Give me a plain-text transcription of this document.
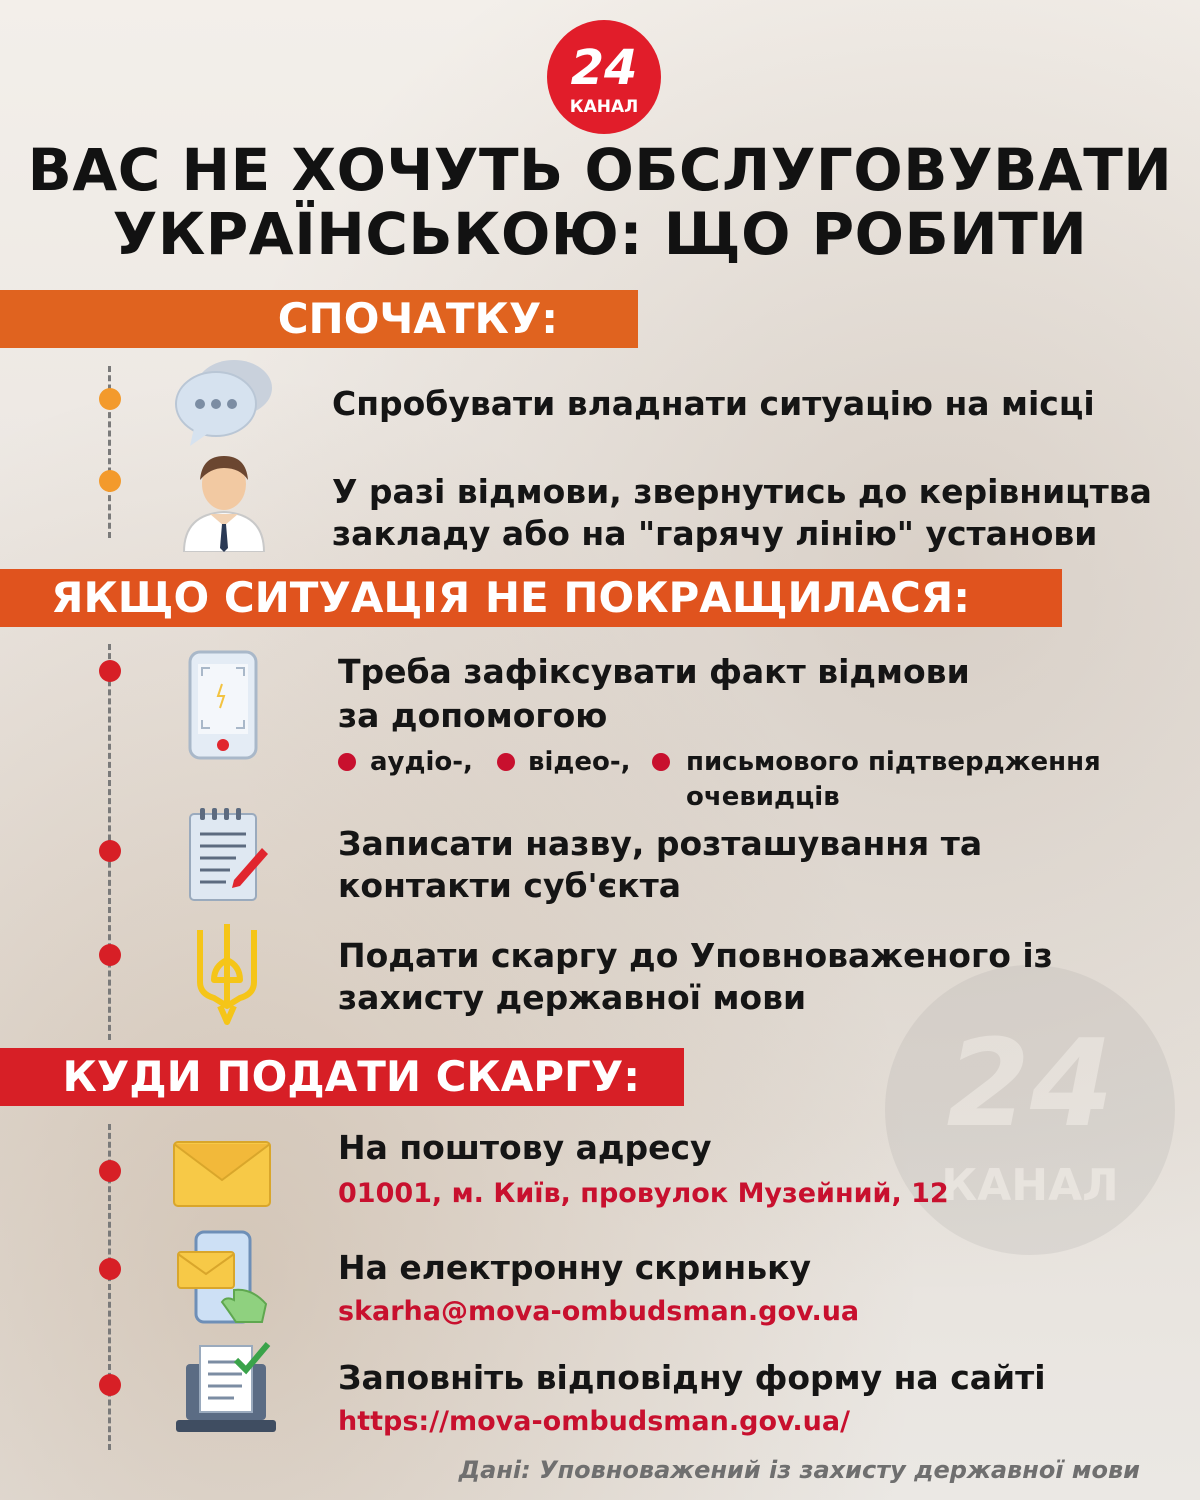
24
КАНАЛ
24
КАНАЛ
ВАС НЕ ХОЧУТЬ ОБСЛУГОВУВАТИ
УКРАЇНСЬКОЮ: ЩО РОБИТИ
СПОЧАТКУ:
Спробувати владнати ситуацію на місці
У разі відмови, звернутись до керівництва
закладу або на "гарячу лінію" установи
ЯКЩО СИТУАЦІЯ НЕ ПОКРАЩИЛАСЯ:
Треба зафіксувати факт відмови
за допомогою
аудіо-, відео-, письмового підтвердження
очевидців
Записати назву, розташування та
контакти суб'єкта
Подати скаргу до Уповноваженого із
захисту державної мови
КУДИ ПОДАТИ СКАРГУ:
На поштову адресу
01001, м. Київ, провулок Музейний, 12
На електронну скриньку
skarha@mova-ombudsman.gov.ua
Заповніть відповідну форму на сайті
https://mova-ombudsman.gov.ua/
Дані: Уповноважений із захисту державної мови
